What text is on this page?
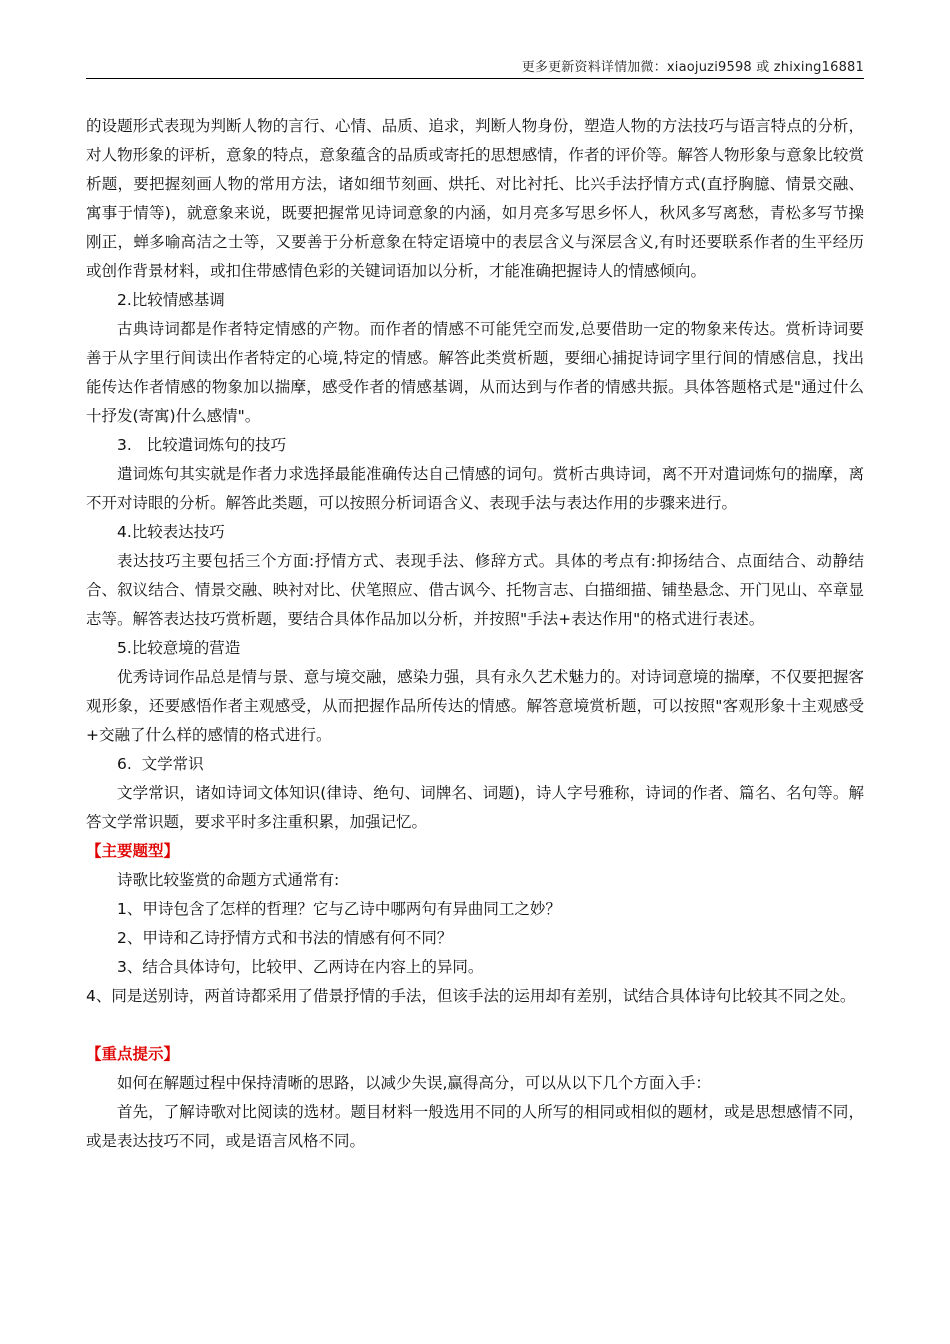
更多更新资料详情加微：xiaojuzi9598 或 zhixing16881

的设题形式表现为判断人物的言行、心情、品质、追求，判断人物身份，塑造人物的方法技巧与语言特点的分析，对人物形象的评析，意象的特点，意象蕴含的品质或寄托的思想感情，作者的评价等。解答人物形象与意象比较赏析题，要把握刻画人物的常用方法，诸如细节刻画、烘托、对比衬托、比兴手法抒情方式(直抒胸臆、情景交融、寓事于情等)，就意象来说，既要把握常见诗词意象的内涵，如月亮多写思乡怀人，秋风多写离愁，青松多写节操刚正，蝉多喻高洁之士等，又要善于分析意象在特定语境中的表层含义与深层含义,有时还要联系作者的生平经历或创作背景材料，或扣住带感情色彩的关键词语加以分析，才能准确把握诗人的情感倾向。

2.比较情感基调

古典诗词都是作者特定情感的产物。而作者的情感不可能凭空而发,总要借助一定的物象来传达。赏析诗词要善于从字里行间读出作者特定的心境,特定的情感。解答此类赏析题，要细心捕捉诗词字里行间的情感信息，找出能传达作者情感的物象加以揣摩，感受作者的情感基调，从而达到与作者的情感共振。具体答题格式是"通过什么十抒发(寄寓)什么感情"。

3.   比较遣词炼句的技巧

遣词炼句其实就是作者力求选择最能准确传达自己情感的词句。赏析古典诗词，离不开对遣词炼句的揣摩，离不开对诗眼的分析。解答此类题，可以按照分析词语含义、表现手法与表达作用的步骤来进行。

4.比较表达技巧

表达技巧主要包括三个方面:抒情方式、表现手法、修辞方式。具体的考点有:抑扬结合、点面结合、动静结合、叙议结合、情景交融、映衬对比、伏笔照应、借古讽今、托物言志、白描细描、铺垫悬念、开门见山、卒章显志等。解答表达技巧赏析题，要结合具体作品加以分析，并按照"手法+表达作用"的格式进行表述。

5.比较意境的营造

优秀诗词作品总是情与景、意与境交融，感染力强，具有永久艺术魅力的。对诗词意境的揣摩，不仅要把握客观形象，还要感悟作者主观感受，从而把握作品所传达的情感。解答意境赏析题，可以按照"客观形象十主观感受+交融了什么样的感情的格式进行。

6.  文学常识

文学常识，诸如诗词文体知识(律诗、绝句、词牌名、词题)，诗人字号雅称，诗词的作者、篇名、名句等。解答文学常识题，要求平时多注重积累，加强记忆。

【主要题型】

诗歌比较鉴赏的命题方式通常有:

1、甲诗包含了怎样的哲理？它与乙诗中哪两句有异曲同工之妙？

2、甲诗和乙诗抒情方式和书法的情感有何不同？

3、结合具体诗句，比较甲、乙两诗在内容上的异同。

4、同是送别诗，两首诗都采用了借景抒情的手法，但该手法的运用却有差别，试结合具体诗句比较其不同之处。

【重点提示】

如何在解题过程中保持清晰的思路，以减少失误,赢得高分，可以从以下几个方面入手：

首先，了解诗歌对比阅读的选材。题目材料一般选用不同的人所写的相同或相似的题材，或是思想感情不同，或是表达技巧不同，或是语言风格不同。
